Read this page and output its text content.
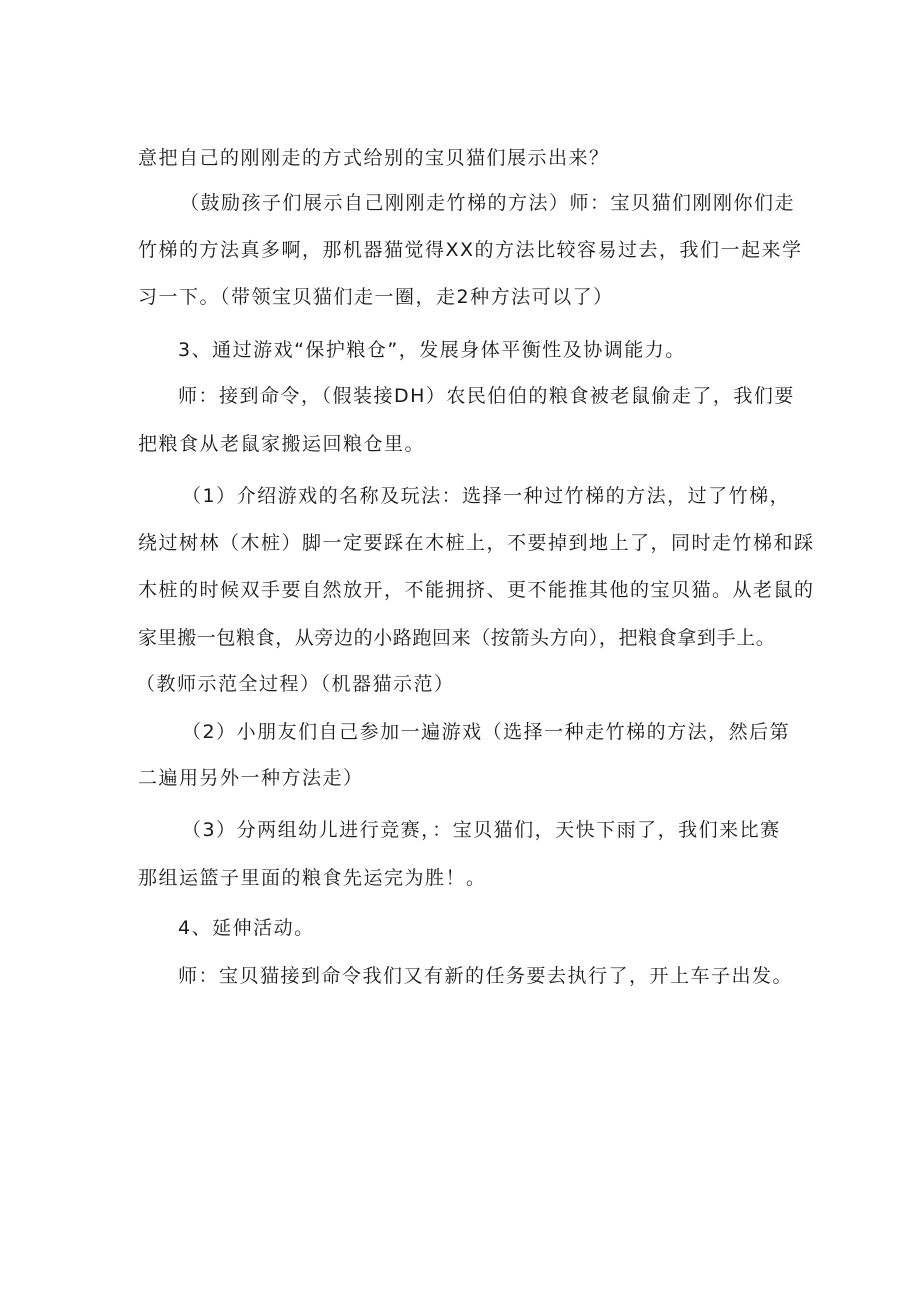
意把自己的刚刚走的方式给别的宝贝猫们展示出来？
（鼓励孩子们展示自己刚刚走竹梯的方法）师：宝贝猫们刚刚你们走
竹梯的方法真多啊，那机器猫觉得XX的方法比较容易过去，我们一起来学
习一下。（带领宝贝猫们走一圈，走2种方法可以了）
3、通过游戏“保护粮仓”，发展身体平衡性及协调能力。
师：接到命令，（假装接DH）农民伯伯的粮食被老鼠偷走了，我们要
把粮食从老鼠家搬运回粮仓里。
（1）介绍游戏的名称及玩法：选择一种过竹梯的方法，过了竹梯，
绕过树林（木桩）脚一定要踩在木桩上，不要掉到地上了，同时走竹梯和踩
木桩的时候双手要自然放开，不能拥挤、更不能推其他的宝贝猫。从老鼠的
家里搬一包粮食，从旁边的小路跑回来（按箭头方向），把粮食拿到手上。
（教师示范全过程）（机器猫示范）
（2）小朋友们自己参加一遍游戏（选择一种走竹梯的方法，然后第
二遍用另外一种方法走）
（3）分两组幼儿进行竞赛，：宝贝猫们，天快下雨了，我们来比赛
那组运篮子里面的粮食先运完为胜！。
4、延伸活动。
师：宝贝猫接到命令我们又有新的任务要去执行了，开上车子出发。
